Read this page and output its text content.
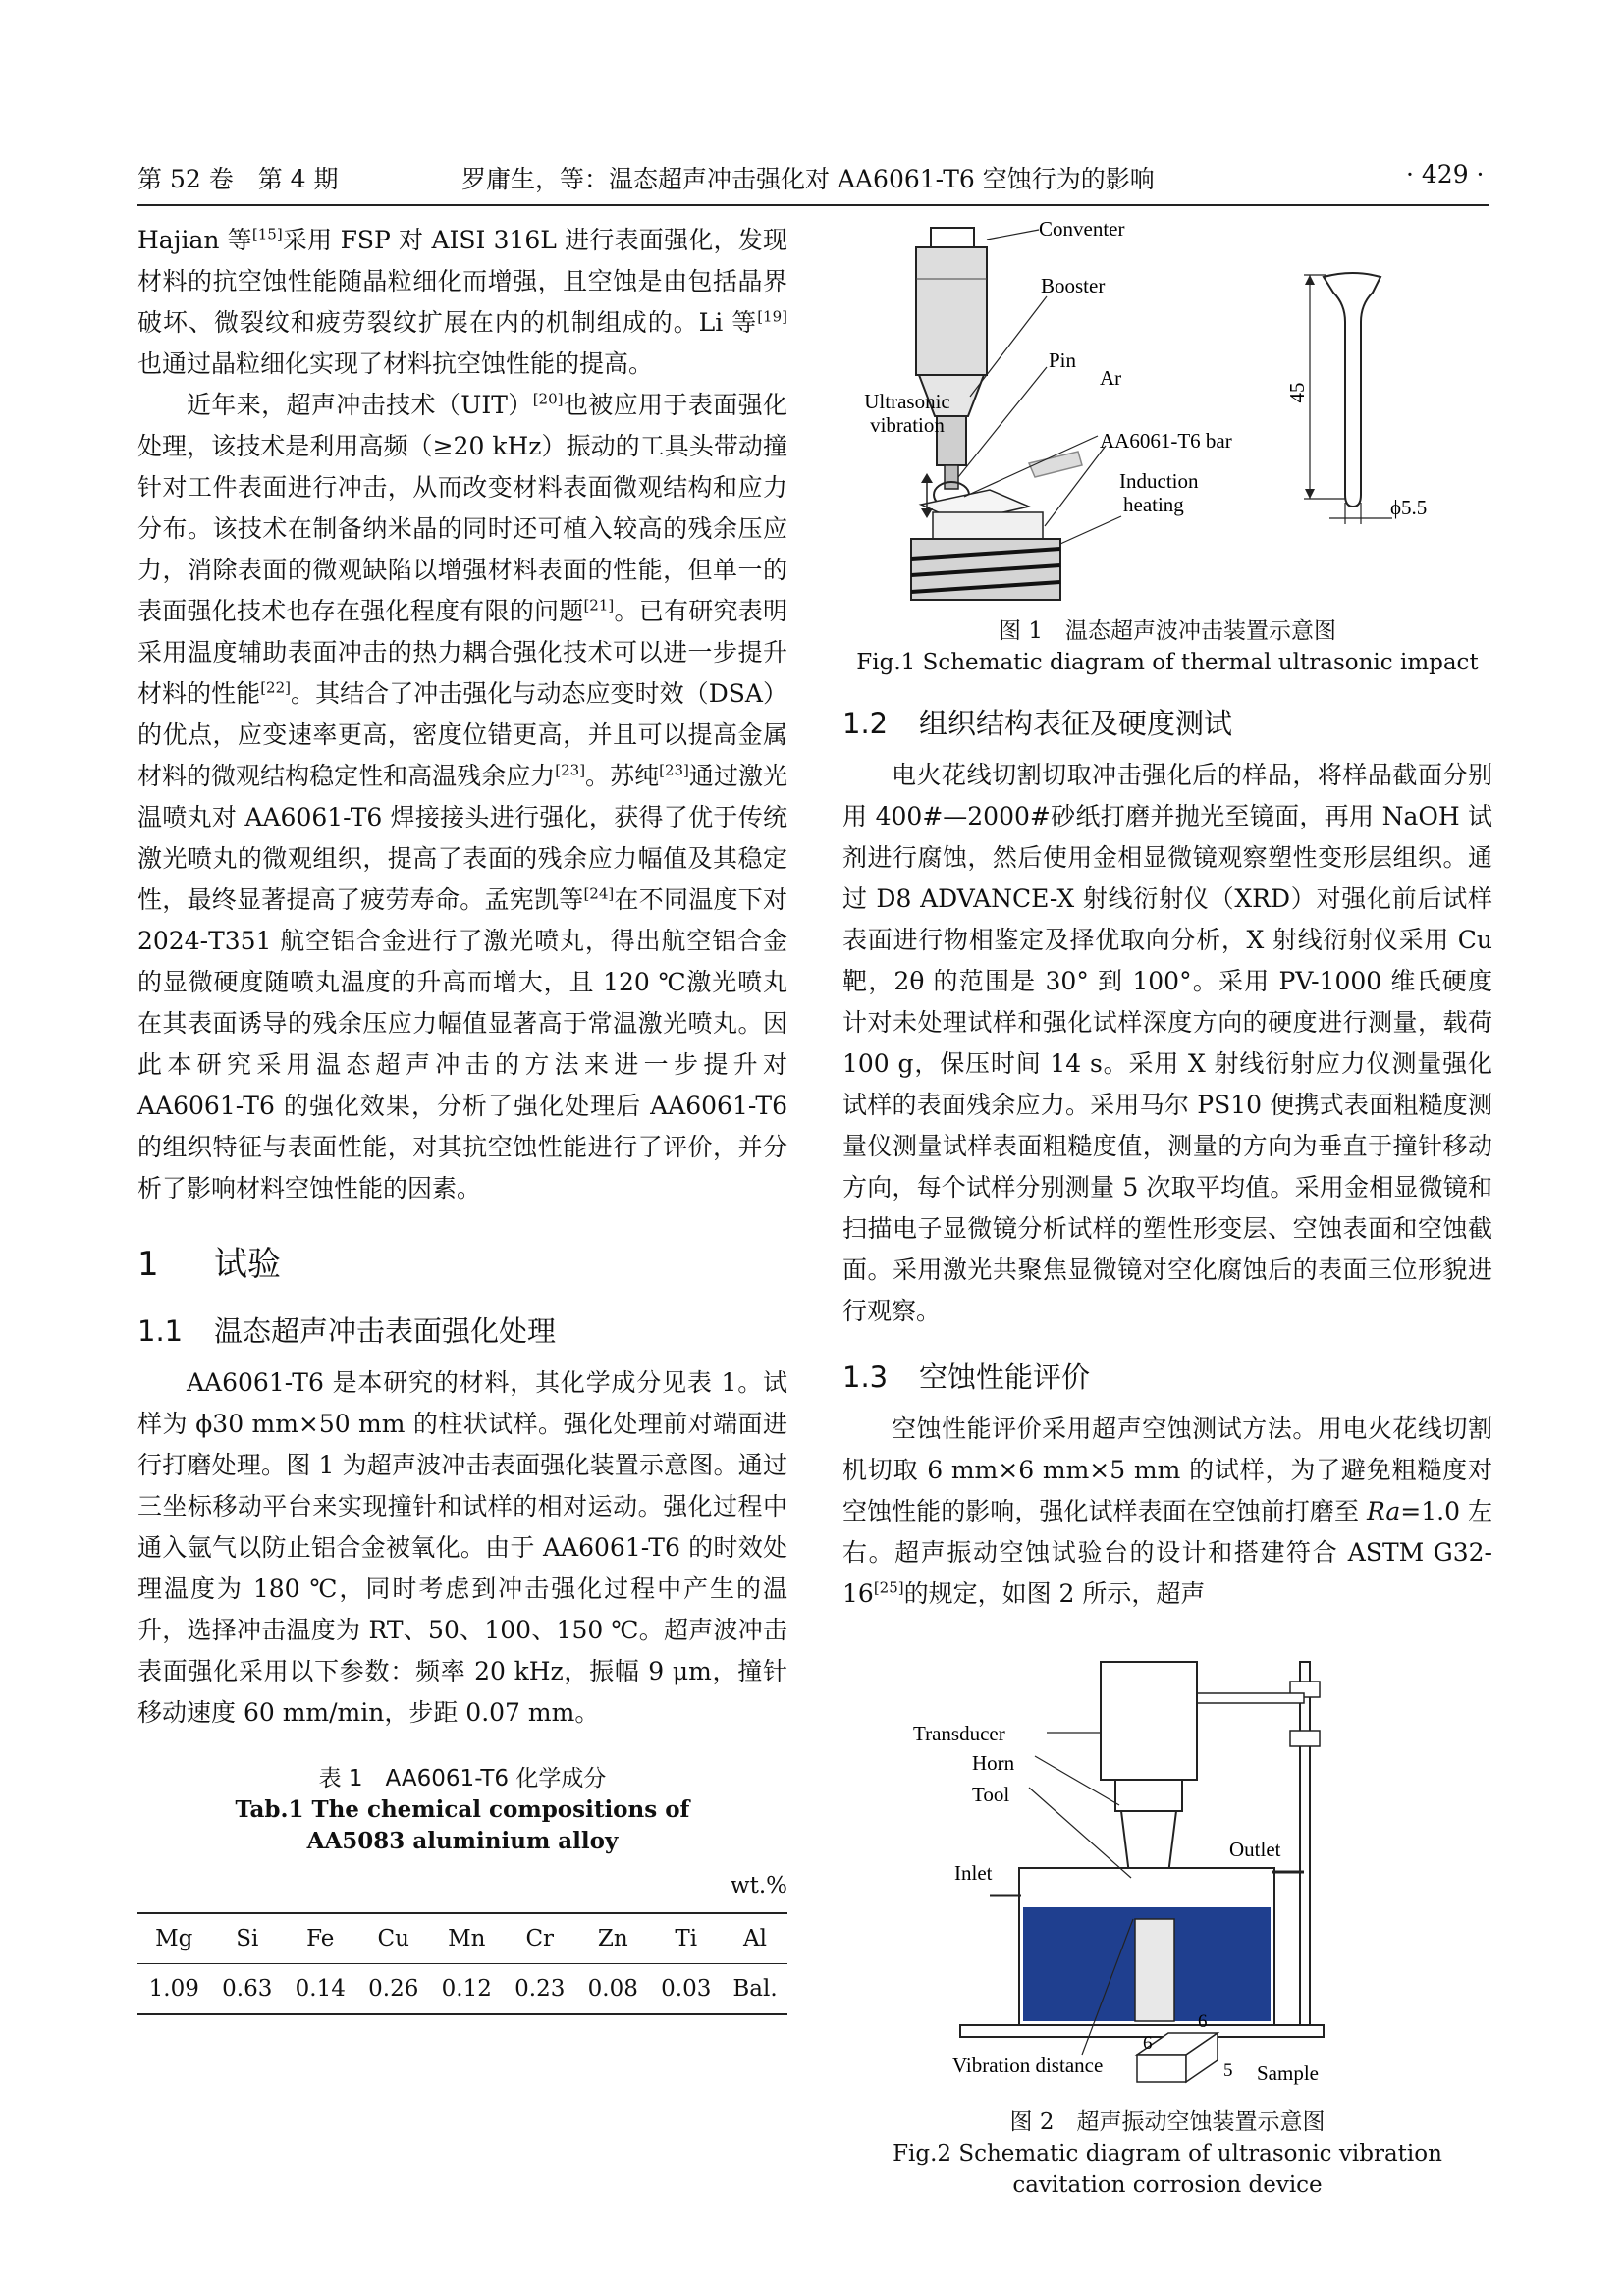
第 52 卷　第 4 期	罗庸生，等：温态超声冲击强化对 AA6061-T6 空蚀行为的影响	· 429 ·

Hajian 等[15]采用 FSP 对 AISI 316L 进行表面强化，发现材料的抗空蚀性能随晶粒细化而增强，且空蚀是由包括晶界破坏、微裂纹和疲劳裂纹扩展在内的机制组成的。Li 等[19]也通过晶粒细化实现了材料抗空蚀性能的提高。

近年来，超声冲击技术（UIT）[20]也被应用于表面强化处理，该技术是利用高频（≥20 kHz）振动的工具头带动撞针对工件表面进行冲击，从而改变材料表面微观结构和应力分布。该技术在制备纳米晶的同时还可植入较高的残余压应力，消除表面的微观缺陷以增强材料表面的性能，但单一的表面强化技术也存在强化程度有限的问题[21]。已有研究表明采用温度辅助表面冲击的热力耦合强化技术可以进一步提升材料的性能[22]。其结合了冲击强化与动态应变时效（DSA）的优点，应变速率更高，密度位错更高，并且可以提高金属材料的微观结构稳定性和高温残余应力[23]。苏纯[23]通过激光温喷丸对 AA6061-T6 焊接接头进行强化，获得了优于传统激光喷丸的微观组织，提高了表面的残余应力幅值及其稳定性，最终显著提高了疲劳寿命。孟宪凯等[24]在不同温度下对 2024-T351 航空铝合金进行了激光喷丸，得出航空铝合金的显微硬度随喷丸温度的升高而增大，且 120 ℃激光喷丸在其表面诱导的残余压应力幅值显著高于常温激光喷丸。因此本研究采用温态超声冲击的方法来进一步提升对 AA6061-T6 的强化效果，分析了强化处理后 AA6061-T6 的组织特征与表面性能，对其抗空蚀性能进行了评价，并分析了影响材料空蚀性能的因素。

1 试验
1.1 温态超声冲击表面强化处理

AA6061-T6 是本研究的材料，其化学成分见表 1。试样为 ϕ30 mm×50 mm 的柱状试样。强化处理前对端面进行打磨处理。图 1 为超声波冲击表面强化装置示意图。通过三坐标移动平台来实现撞针和试样的相对运动。强化过程中通入氩气以防止铝合金被氧化。由于 AA6061-T6 的时效处理温度为 180 ℃，同时考虑到冲击强化过程中产生的温升，选择冲击温度为 RT、50、100、150 ℃。超声波冲击表面强化采用以下参数：频率 20 kHz，振幅 9 μm，撞针移动速度 60 mm/min，步距 0.07 mm。

表 1　AA6061-T6 化学成分
Tab.1 The chemical compositions of
AA5083 aluminium alloy
wt.%
Mg	Si	Fe	Cu	Mn	Cr	Zn	Ti	Al
1.09	0.63	0.14	0.26	0.12	0.23	0.08	0.03	Bal.
Conventer
Booster
Pin
Ar
Ultrasonic
vibration
AA6061-T6 bar
Induction
heating
45
ϕ5.5
图 1　温态超声波冲击装置示意图
Fig.1 Schematic diagram of thermal ultrasonic impact
1.2 组织结构表征及硬度测试

电火花线切割切取冲击强化后的样品，将样品截面分别用 400#—2000#砂纸打磨并抛光至镜面，再用 NaOH 试剂进行腐蚀，然后使用金相显微镜观察塑性变形层组织。通过 D8 ADVANCE-X 射线衍射仪（XRD）对强化前后试样表面进行物相鉴定及择优取向分析，X 射线衍射仪采用 Cu 靶，2θ 的范围是 30° 到 100°。采用 PV-1000 维氏硬度计对未处理试样和强化试样深度方向的硬度进行测量，载荷 100 g，保压时间 14 s。采用 X 射线衍射应力仪测量强化试样的表面残余应力。采用马尔 PS10 便携式表面粗糙度测量仪测量试样表面粗糙度值，测量的方向为垂直于撞针移动方向，每个试样分别测量 5 次取平均值。采用金相显微镜和扫描电子显微镜分析试样的塑性形变层、空蚀表面和空蚀截面。采用激光共聚焦显微镜对空化腐蚀后的表面三位形貌进行观察。

1.3 空蚀性能评价

空蚀性能评价采用超声空蚀测试方法。用电火花线切割机切取 6 mm×6 mm×5 mm 的试样，为了避免粗糙度对空蚀性能的影响，强化试样表面在空蚀前打磨至 Ra=1.0 左右。超声振动空蚀试验台的设计和搭建符合 ASTM G32-16[25]的规定，如图 2 所示，超声

Transducer
Horn
Tool
Outlet
Inlet
Vibration distance	Sample
6
6
5
图 2　超声振动空蚀装置示意图
Fig.2 Schematic diagram of ultrasonic vibration
cavitation corrosion device
